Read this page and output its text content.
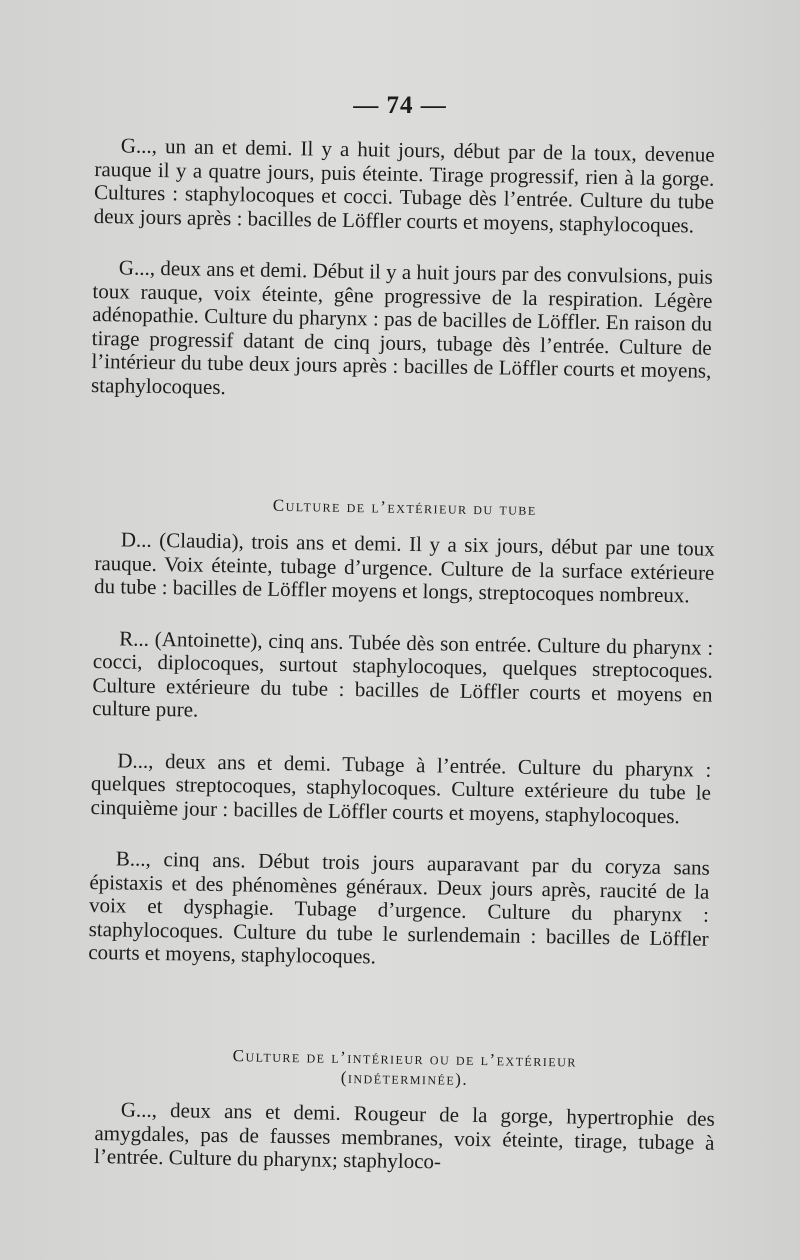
— 74 —

G..., un an et demi. Il y a huit jours, début par de la toux, devenue rauque il y a quatre jours, puis éteinte. Tirage progressif, rien à la gorge. Cultures : staphylocoques et cocci. Tubage dès l’entrée. Culture du tube deux jours après : bacilles de Löffler courts et moyens, staphylocoques.

G..., deux ans et demi. Début il y a huit jours par des convulsions, puis toux rauque, voix éteinte, gêne progressive de la respiration. Légère adénopathie. Culture du pharynx : pas de bacilles de Löffler. En raison du tirage progressif datant de cinq jours, tubage dès l’entrée. Culture de l’intérieur du tube deux jours après : bacilles de Löffler courts et moyens, staphylocoques.

Culture de l’extérieur du tube

D... (Claudia), trois ans et demi. Il y a six jours, début par une toux rauque. Voix éteinte, tubage d’urgence. Culture de la surface extérieure du tube : bacilles de Löffler moyens et longs, streptocoques nombreux.

R... (Antoinette), cinq ans. Tubée dès son entrée. Culture du pharynx : cocci, diplocoques, surtout staphylocoques, quelques streptocoques. Culture extérieure du tube : bacilles de Löffler courts et moyens en culture pure.

D..., deux ans et demi. Tubage à l’entrée. Culture du pharynx : quelques streptocoques, staphylocoques. Culture extérieure du tube le cinquième jour : bacilles de Löffler courts et moyens, staphylocoques.

B..., cinq ans. Début trois jours auparavant par du coryza sans épistaxis et des phénomènes généraux. Deux jours après, raucité de la voix et dysphagie. Tubage d’urgence. Culture du pharynx : staphylocoques. Culture du tube le surlendemain : bacilles de Löffler courts et moyens, staphylocoques.

Culture de l’intérieur ou de l’extérieur

(indéterminée).

G..., deux ans et demi. Rougeur de la gorge, hypertrophie des amygdales, pas de fausses membranes, voix éteinte, tirage, tubage à l’entrée. Culture du pharynx; staphyloco-
